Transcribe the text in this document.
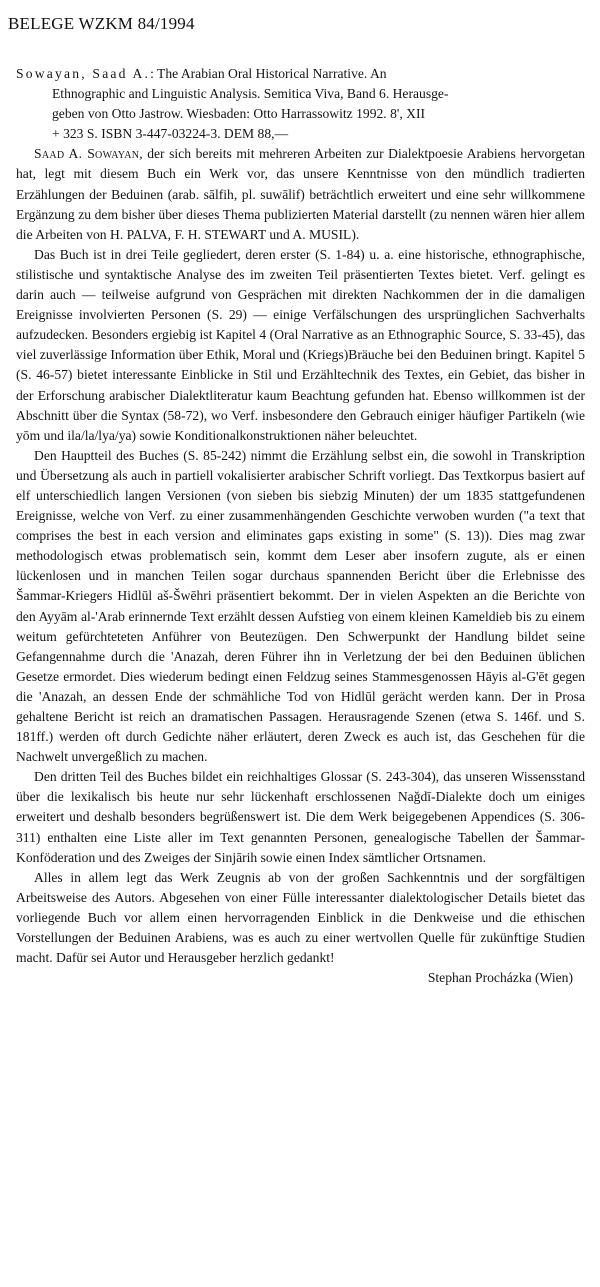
BELEGE WZKM 84/1994

Sowayan, Saad A.: The Arabian Oral Historical Narrative. An
Ethnographic and Linguistic Analysis. Semitica Viva, Band 6. Herausge-
geben von Otto Jastrow. Wiesbaden: Otto Harrassowitz 1992. 8', XII
+ 323 S. ISBN 3-447-03224-3. DEM 88,—

Saad A. Sowayan, der sich bereits mit mehreren Arbeiten zur Dialektpoesie Arabiens hervorgetan hat, legt mit diesem Buch ein Werk vor, das unsere Kenntnisse von den mündlich tradierten Erzählungen der Beduinen (arab. sālfih, pl. suwālif) beträchtlich erweitert und eine sehr willkommene Ergänzung zu dem bisher über dieses Thema publizierten Material darstellt (zu nennen wären hier allem die Arbeiten von H. PALVA, F. H. STEWART und A. MUSIL).

Das Buch ist in drei Teile gegliedert, deren erster (S. 1-84) u. a. eine historische, ethnographische, stilistische und syntaktische Analyse des im zweiten Teil präsentierten Textes bietet. Verf. gelingt es darin auch — teilweise aufgrund von Gesprächen mit direkten Nachkommen der in die damaligen Ereignisse involvierten Personen (S. 29) — einige Verfälschungen des ursprünglichen Sachverhalts aufzudecken. Besonders ergiebig ist Kapitel 4 (Oral Narrative as an Ethnographic Source, S. 33-45), das viel zuverlässige Information über Ethik, Moral und (Kriegs)Bräuche bei den Beduinen bringt. Kapitel 5 (S. 46-57) bietet interessante Einblicke in Stil und Erzähltechnik des Textes, ein Gebiet, das bisher in der Erforschung arabischer Dialektliteratur kaum Beachtung gefunden hat. Ebenso willkommen ist der Abschnitt über die Syntax (58-72), wo Verf. insbesondere den Gebrauch einiger häufiger Partikeln (wie yōm und ila/la/lya/ya) sowie Konditionalkonstruktionen näher beleuchtet.

Den Hauptteil des Buches (S. 85-242) nimmt die Erzählung selbst ein, die sowohl in Transkription und Übersetzung als auch in partiell vokalisierter arabischer Schrift vorliegt. Das Textkorpus basiert auf elf unterschiedlich langen Versionen (von sieben bis siebzig Minuten) der um 1835 stattgefundenen Ereignisse, welche von Verf. zu einer zusammenhängenden Geschichte verwoben wurden ("a text that comprises the best in each version and eliminates gaps existing in some" (S. 13)). Dies mag zwar methodologisch etwas problematisch sein, kommt dem Leser aber insofern zugute, als er einen lückenlosen und in manchen Teilen sogar durchaus spannenden Bericht über die Erlebnisse des Šammar-Kriegers Hidlūl aš-Šwēhri präsentiert bekommt. Der in vielen Aspekten an die Berichte von den Ayyām al-'Arab erinnernde Text erzählt dessen Aufstieg von einem kleinen Kameldieb bis zu einem weitum gefürchteteten Anführer von Beutezügen. Den Schwerpunkt der Handlung bildet seine Gefangennahme durch die 'Anazah, deren Führer ihn in Verletzung der bei den Beduinen üblichen Gesetze ermordet. Dies wiederum bedingt einen Feldzug seines Stammesgenossen Hāyis al-G'ēt gegen die 'Anazah, an dessen Ende der schmähliche Tod von Hidlūl gerächt werden kann. Der in Prosa gehaltene Bericht ist reich an dramatischen Passagen. Herausragende Szenen (etwa S. 146f. und S. 181ff.) werden oft durch Gedichte näher erläutert, deren Zweck es auch ist, das Geschehen für die Nachwelt unvergeßlich zu machen.

Den dritten Teil des Buches bildet ein reichhaltiges Glossar (S. 243-304), das unseren Wissensstand über die lexikalisch bis heute nur sehr lückenhaft erschlossenen Nağdī-Dialekte doch um einiges erweitert und deshalb besonders begrüßenswert ist. Die dem Werk beigegebenen Appendices (S. 306-311) enthalten eine Liste aller im Text genannten Personen, genealogische Tabellen der Šammar-Konföderation und des Zweiges der Sinjārih sowie einen Index sämtlicher Ortsnamen.

Alles in allem legt das Werk Zeugnis ab von der großen Sachkenntnis und der sorgfältigen Arbeitsweise des Autors. Abgesehen von einer Fülle interessanter dialektologischer Details bietet das vorliegende Buch vor allem einen hervorragenden Einblick in die Denkweise und die ethischen Vorstellungen der Beduinen Arabiens, was es auch zu einer wertvollen Quelle für zukünftige Studien macht. Dafür sei Autor und Herausgeber herzlich gedankt!

Stephan Procházka (Wien)
